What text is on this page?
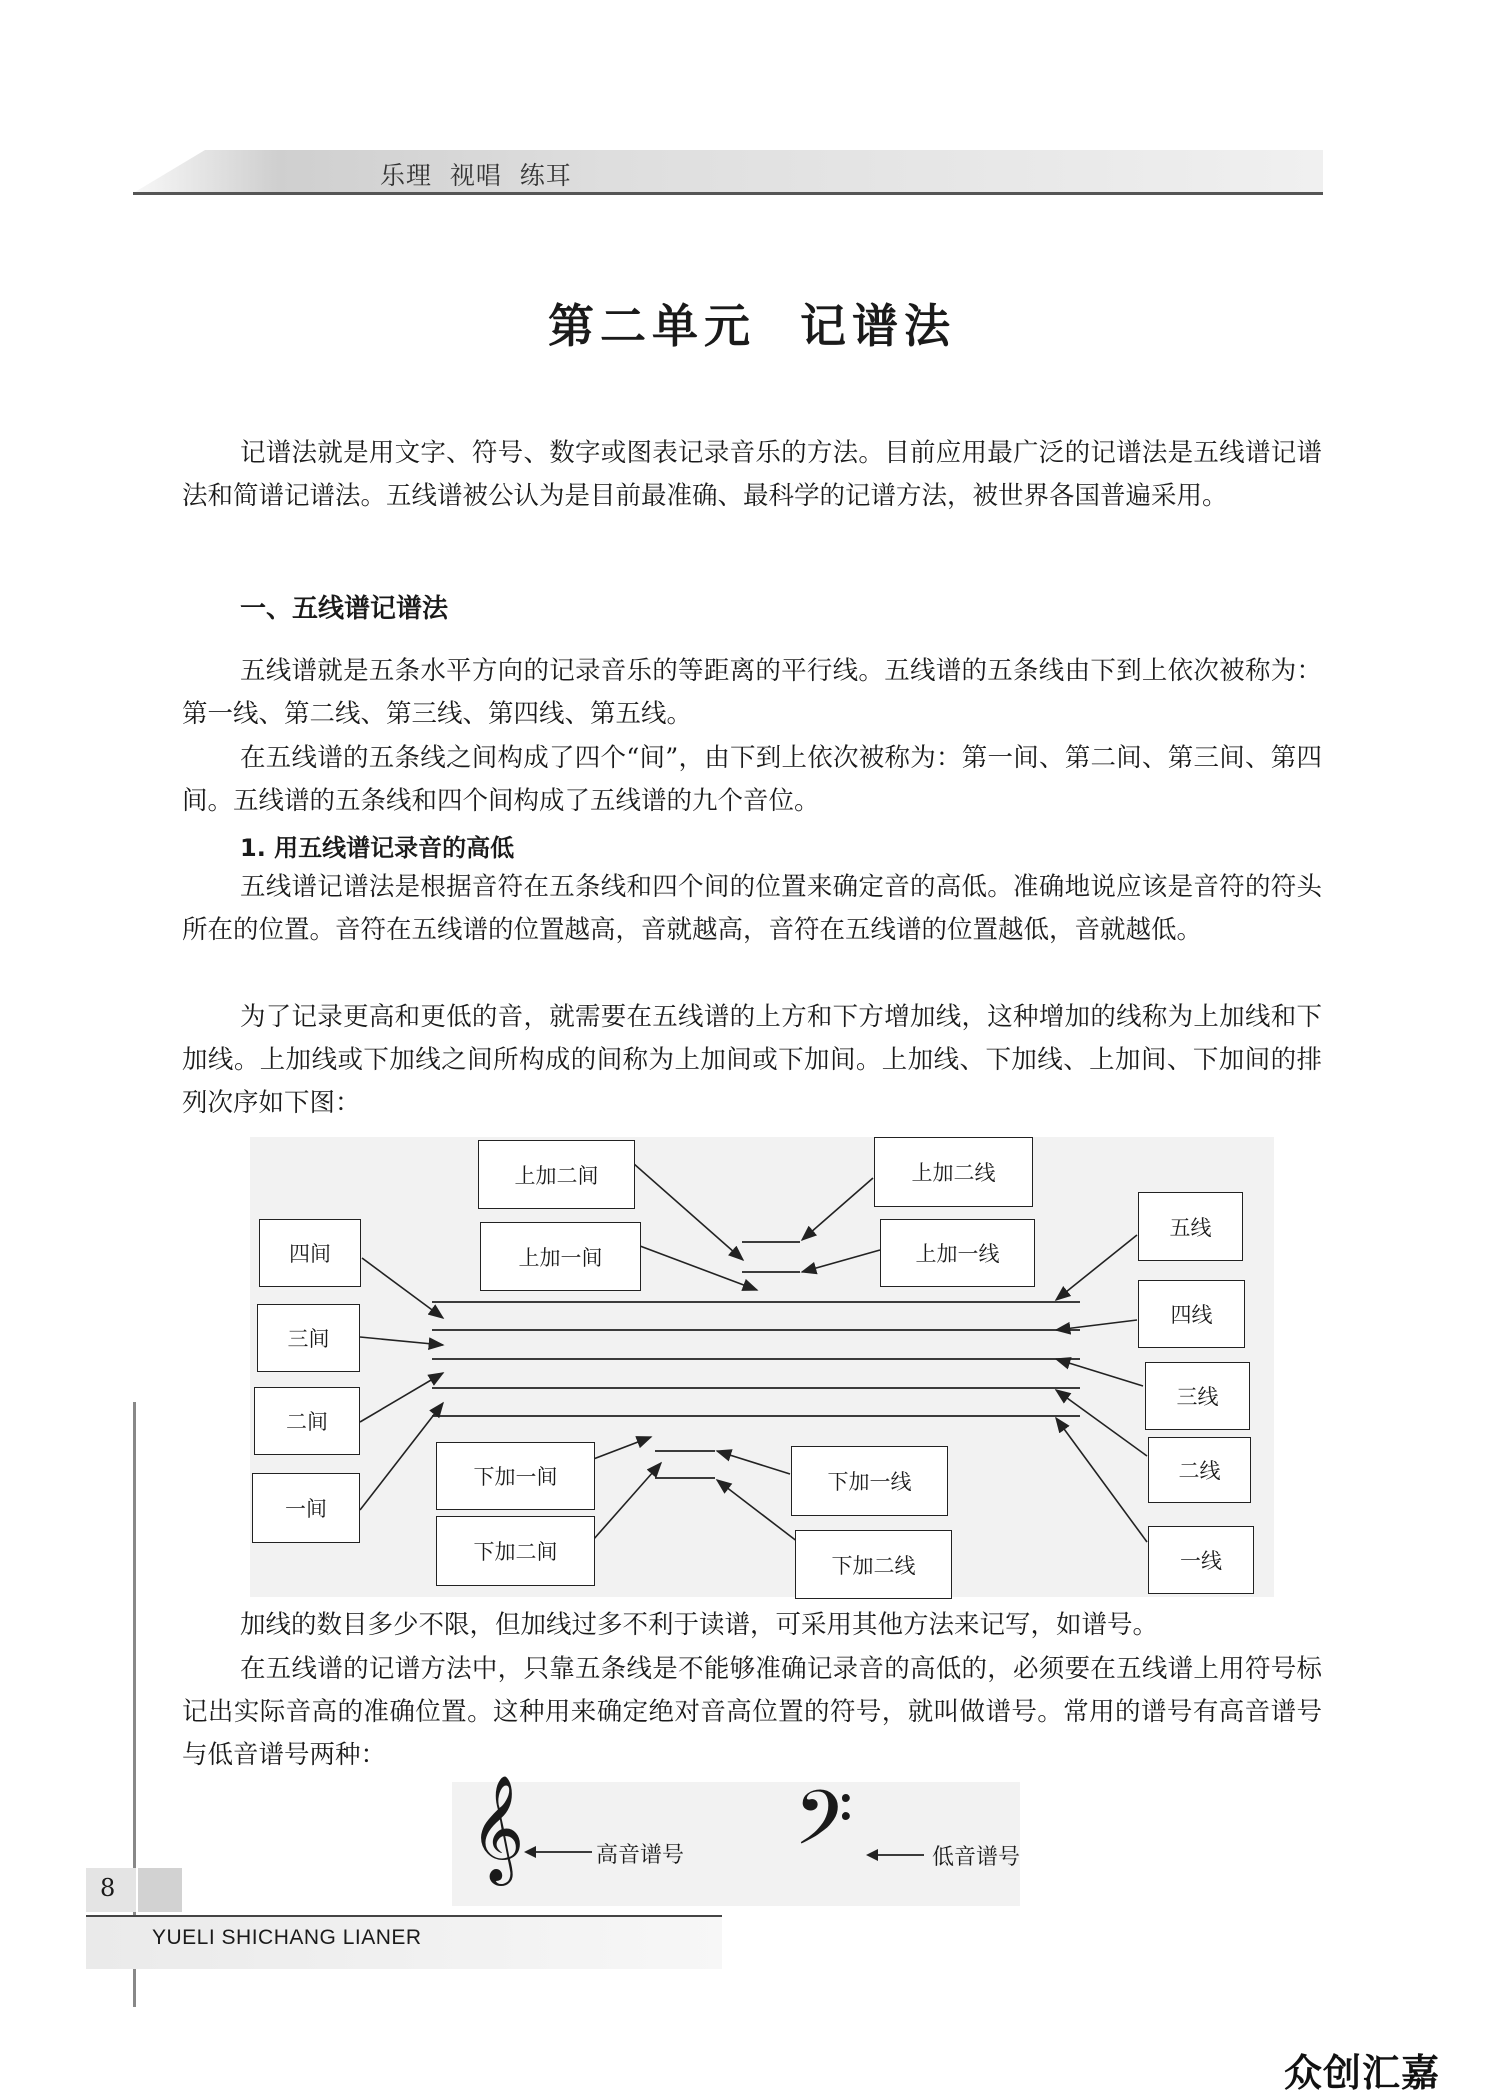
乐理  视唱  练耳
第二单元 记谱法
记谱法就是用文字、符号、数字或图表记录音乐的方法。目前应用最广泛的记谱法是五线谱记谱法和简谱记谱法。五线谱被公认为是目前最准确、最科学的记谱方法，被世界各国普遍采用。
一、五线谱记谱法
五线谱就是五条水平方向的记录音乐的等距离的平行线。五线谱的五条线由下到上依次被称为：第一线、第二线、第三线、第四线、第五线。
在五线谱的五条线之间构成了四个“间”，由下到上依次被称为：第一间、第二间、第三间、第四间。五线谱的五条线和四个间构成了五线谱的九个音位。
1. 用五线谱记录音的高低
五线谱记谱法是根据音符在五条线和四个间的位置来确定音的高低。准确地说应该是音符的符头所在的位置。音符在五线谱的位置越高，音就越高，音符在五线谱的位置越低，音就越低。
为了记录更高和更低的音，就需要在五线谱的上方和下方增加线，这种增加的线称为上加线和下加线。上加线或下加线之间所构成的间称为上加间或下加间。上加线、下加线、上加间、下加间的排列次序如下图：
四间
三间
二间
一间
上加二间
上加一间
上加二线
上加一线
五线
四线
三线
二线
一线
下加一间
下加二间
下加一线
下加二线
加线的数目多少不限，但加线过多不利于读谱，可采用其他方法来记写，如谱号。
在五线谱的记谱方法中，只靠五条线是不能够准确记录音的高低的，必须要在五线谱上用符号标记出实际音高的准确位置。这种用来确定绝对音高位置的符号，就叫做谱号。常用的谱号有高音谱号与低音谱号两种：
𝄞	高音谱号 𝄢	低音谱号
8
YUELI SHICHANG LIANER
众创汇嘉
